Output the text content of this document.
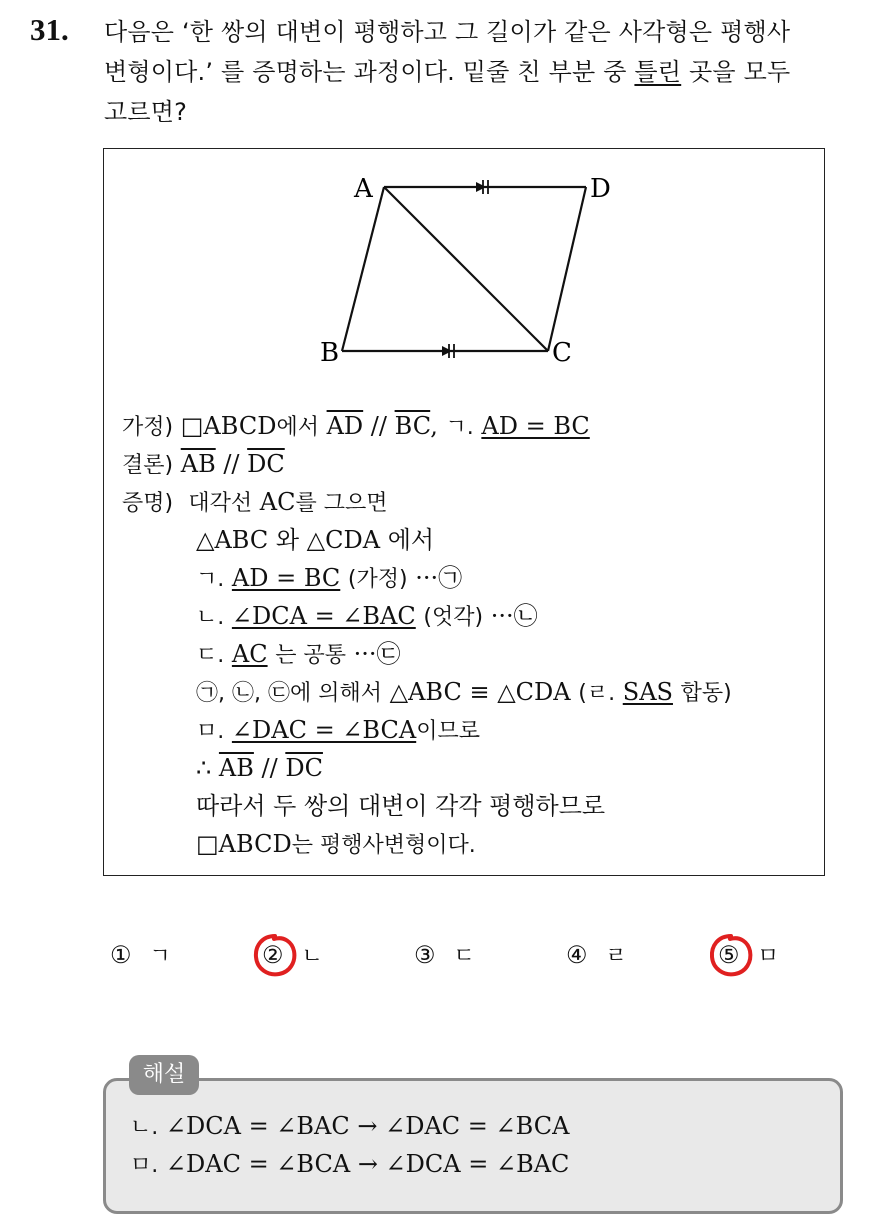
31. 다음은 ‘한 쌍의 대변이 평행하고 그 길이가 같은 사각형은 평행사
변형이다.’ 를 증명하는 과정이다. 밑줄 친 부분 중 틀린 곳을 모두
고르면?
A
B	C
D
가정) □ABCD에서 $\overline{AD} // \overline{BC}$, ㄱ. AD = BC
결론) $\overline{AB} // \overline{DC}$
증명) 대각선 AC를 그으면
△ABC 와 △CDA 에서
ㄱ. AD = BC (가정) ···㉠
ㄴ. ∠DCA = ∠BAC (엇각) ···㉡
ㄷ. AC 는 공통 ···㉢
㉠, ㉡, ㉢에 의해서 △ABC ≡ △CDA (ㄹ. SAS 합동)
ㅁ. ∠DAC = ∠BCA이므로
∴ $\overline{AB} // \overline{DC}$
따라서 두 쌍의 대변이 각각 평행하므로
□ABCD는 평행사변형이다.
① ㄱ	② ㄴ	③ ㄷ	④ ㄹ	⑤ ㅁ
해설
ㄴ. ∠DCA = ∠BAC → ∠DAC = ∠BCA
ㅁ. ∠DAC = ∠BCA → ∠DCA = ∠BAC
